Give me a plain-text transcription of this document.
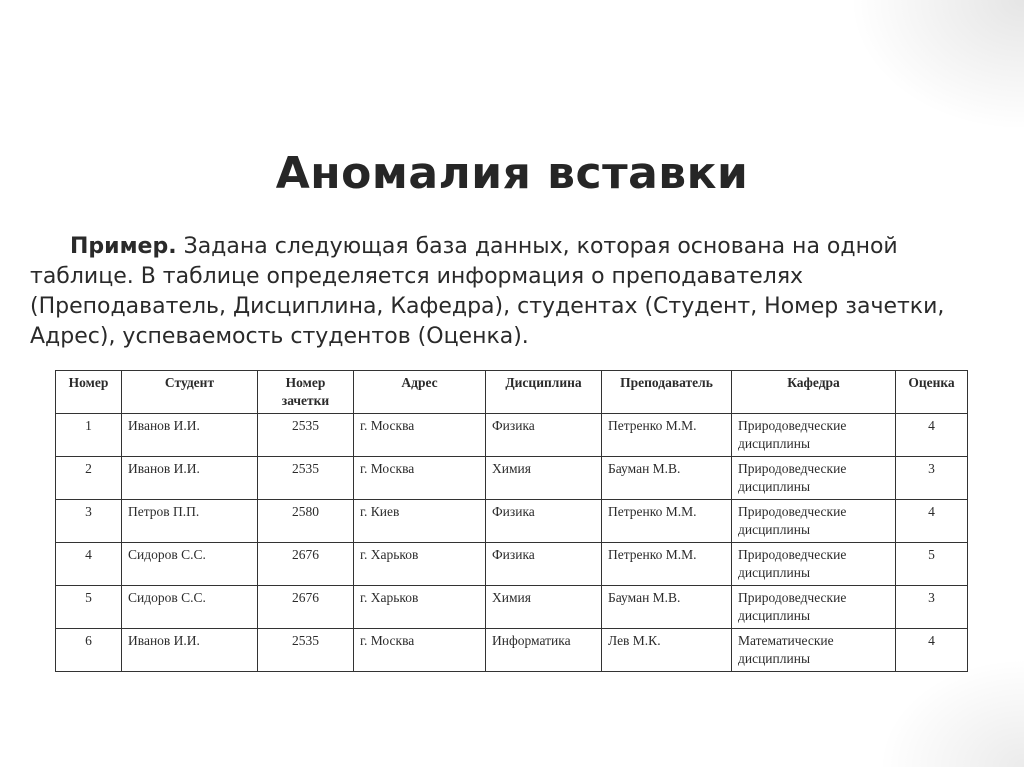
Аномалия вставки

Пример. Задана следующая база данных, которая основана на одной таблице. В таблице определяется информация о преподавателях (Преподаватель, Дисциплина, Кафедра), студентах (Студент, Номер зачетки, Адрес), успеваемость студентов (Оценка).

Номер	Студент	Номер зачетки	Адрес	Дисциплина	Преподаватель	Кафедра	Оценка
1	Иванов И.И.	2535	г. Москва	Физика	Петренко М.М.	Природоведческие дисциплины	4
2	Иванов И.И.	2535	г. Москва	Химия	Бауман М.В.	Природоведческие дисциплины	3
3	Петров П.П.	2580	г. Киев	Физика	Петренко М.М.	Природоведческие дисциплины	4
4	Сидоров С.С.	2676	г. Харьков	Физика	Петренко М.М.	Природоведческие дисциплины	5
5	Сидоров С.С.	2676	г. Харьков	Химия	Бауман М.В.	Природоведческие дисциплины	3
6	Иванов И.И.	2535	г. Москва	Информатика	Лев М.К.	Математические дисциплины	4
